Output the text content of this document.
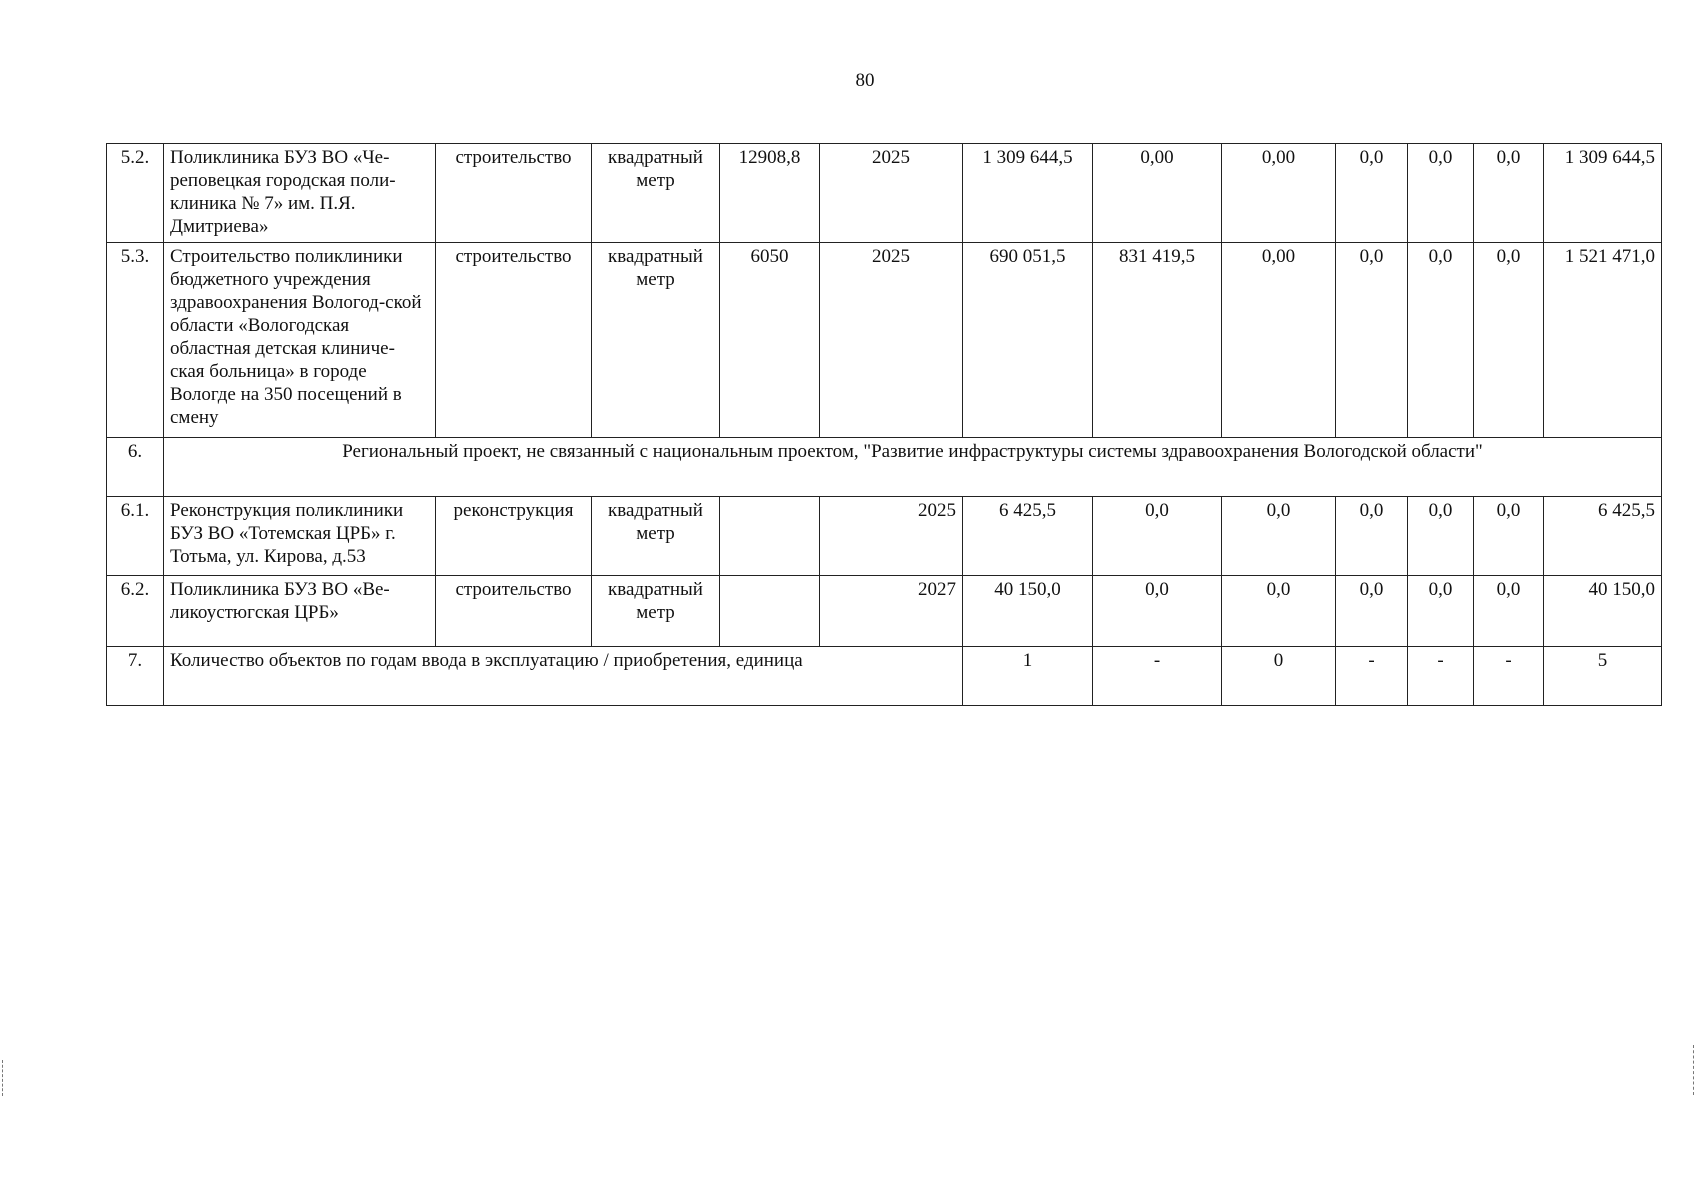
80
5.2.	Поликлиника БУЗ ВО «Че-реповецкая городская поли-клиника № 7» им. П.Я. Дмитриева»	строительство	квадратный метр	12908,8	2025	1 309 644,5	0,00	0,00	0,0	0,0	0,0	1 309 644,5
5.3.	Строительство поликлиники бюджетного учреждения здравоохранения Вологод-ской области «Вологодская областная детская клиниче-ская больница» в городе Вологде на 350 посещений в смену	строительство	квадратный метр	6050	2025	690 051,5	831 419,5	0,00	0,0	0,0	0,0	1 521 471,0
6.	Региональный проект, не связанный с национальным проектом, "Развитие инфраструктуры системы здравоохранения Вологодской области"											
6.1.	Реконструкция поликлиники БУЗ ВО «Тотемская ЦРБ» г. Тотьма, ул. Кирова, д.53	реконструкция	квадратный метр		2025	6 425,5	0,0	0,0	0,0	0,0	0,0	6 425,5
6.2.	Поликлиника БУЗ ВО «Ве-ликоустюгская ЦРБ»	строительство	квадратный метр		2027	40 150,0	0,0	0,0	0,0	0,0	0,0	40 150,0
7.	Количество объектов по годам ввода в эксплуатацию / приобретения, единица					1	-	0	-	-	-	5
